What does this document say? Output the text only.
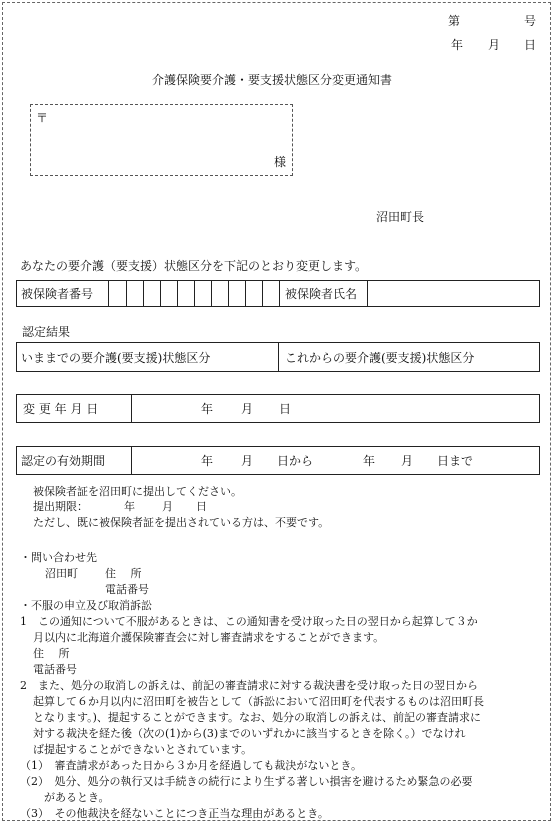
第	号
年 月 日
介護保険要介護・要支援状態区分変更通知書
〒
様
沼田町長
あなたの要介護（要支援）状態区分を下記のとおり変更します。
被保険者番号	被保険者氏名
認定結果
いままでの要介護(要支援)状態区分	これからの要介護(要支援)状態区分
変 更 年 月 日	年 月 日
認定の有効期間	年 月 日から	年 月 日まで
被保険者証を沼田町に提出してください。
提出期限：	年 月 日
ただし、既に被保険者証を提出されている方は、不要です。
・問い合わせ先
沼田町 住　 所
電話番号
・不服の申立及び取消訴訟
1　この通知について不服があるときは、この通知書を受け取った日の翌日から起算して３か
月以内に北海道介護保険審査会に対し審査請求をすることができます。
住　 所
電話番号
2　また、処分の取消しの訴えは、前記の審査請求に対する裁決書を受け取った日の翌日から
起算して６か月以内に沼田町を被告として（訴訟において沼田町を代表するものは沼田町長
となります。)、提起することができます。なお、処分の取消しの訴えは、前記の審査請求に
対する裁決を経た後（次の(1)から(3)までのいずれかに該当するときを除く。）でなけれ
ば提起することができないとされています。
（1）　審査請求があった日から３か月を経過しても裁決がないとき。
（2）　処分、処分の執行又は手続きの続行により生ずる著しい損害を避けるため緊急の必要
があるとき。
（3）　その他裁決を経ないことにつき正当な理由があるとき。
